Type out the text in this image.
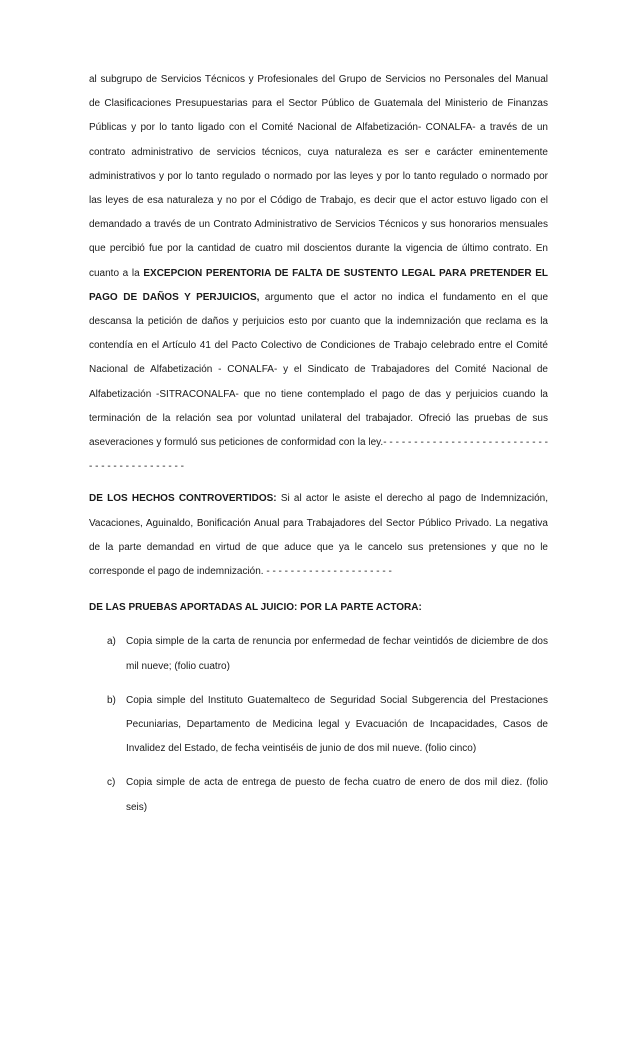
al subgrupo de Servicios Técnicos y Profesionales del Grupo de Servicios no Personales del Manual de Clasificaciones Presupuestarias para el Sector Público de Guatemala del Ministerio de Finanzas Públicas y por lo tanto ligado con el Comité Nacional de Alfabetización- CONALFA- a través de un contrato administrativo de servicios técnicos, cuya naturaleza es ser e carácter eminentemente administrativos y por lo tanto regulado o normado por las leyes y por lo tanto regulado o normado por las leyes de esa naturaleza y no por el Código de Trabajo, es decir que el actor estuvo ligado con el demandado a través de un Contrato Administrativo de Servicios Técnicos y sus honorarios mensuales que percibió fue por la cantidad de cuatro mil doscientos durante la vigencia de último contrato. En cuanto a la EXCEPCION PERENTORIA DE FALTA DE SUSTENTO LEGAL PARA PRETENDER EL PAGO DE DAÑOS Y PERJUICIOS, argumento que el actor no indica el fundamento en el que descansa la petición de daños y perjuicios esto por cuanto que la indemnización que reclama es la contendía en el Artículo 41 del Pacto Colectivo de Condiciones de Trabajo celebrado entre el Comité Nacional de Alfabetización - CONALFA- y el Sindicato de Trabajadores del Comité Nacional de Alfabetización -SITRACONALFA- que no tiene contemplado el pago de das y perjuicios cuando la terminación de la relación sea por voluntad unilateral del trabajador. Ofreció las pruebas de sus aseveraciones y formuló sus peticiones de conformidad con la ley.- - - - - - - - - - - - - - - - - - - - - - - - - - - - - - - - - - - - - - - - - - -

DE LOS HECHOS CONTROVERTIDOS: Si al actor le asiste el derecho al pago de Indemnización, Vacaciones, Aguinaldo, Bonificación Anual para Trabajadores del Sector Público Privado. La negativa de la parte demandad en virtud de que aduce que ya le cancelo sus pretensiones y que no le corresponde el pago de indemnización. - - - - - - - - - - - - - - - - - - - - -

DE LAS PRUEBAS APORTADAS AL JUICIO: POR LA PARTE ACTORA:

a) Copia simple de la carta de renuncia por enfermedad de fechar veintidós de diciembre de dos mil nueve; (folio cuatro)
b) Copia simple del Instituto Guatemalteco de Seguridad Social Subgerencia del Prestaciones Pecuniarias, Departamento de Medicina legal y Evacuación de Incapacidades, Casos de Invalidez del Estado, de fecha veintiséis de junio de dos mil nueve. (folio cinco)
c) Copia simple de acta de entrega de puesto de fecha cuatro de enero de dos mil diez. (folio seis)
